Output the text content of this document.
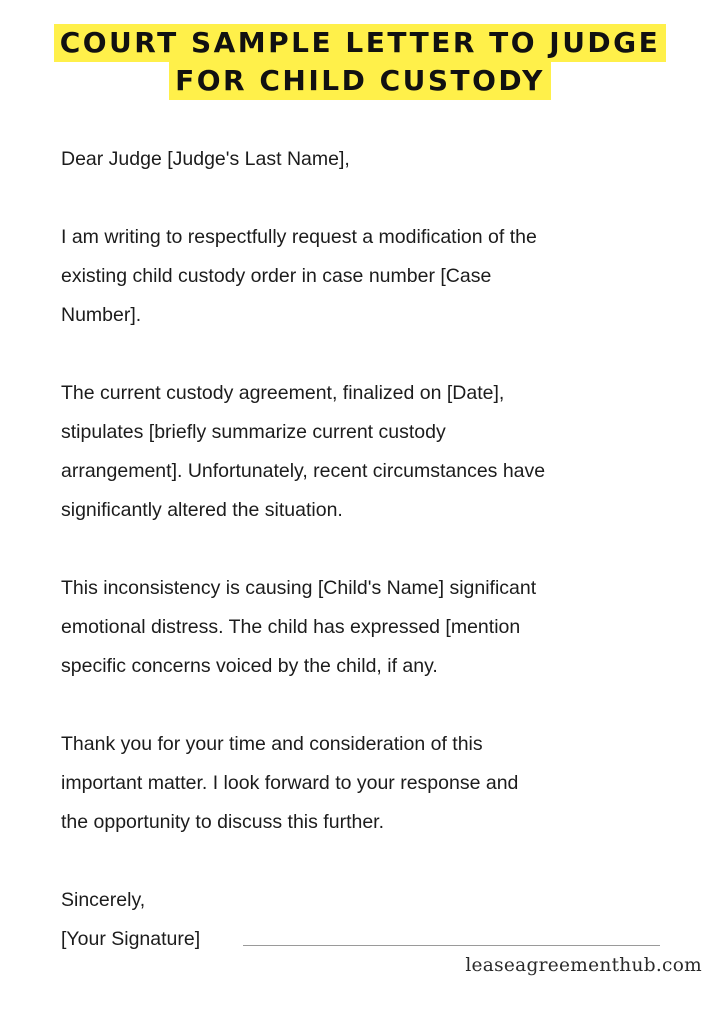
COURT SAMPLE LETTER TO JUDGE
FOR CHILD CUSTODY

Dear Judge [Judge's Last Name],

I am writing to respectfully request a modification of the
existing child custody order in case number [Case
Number].
The current custody agreement, finalized on [Date],
stipulates [briefly summarize current custody
arrangement]. Unfortunately, recent circumstances have
significantly altered the situation.
This inconsistency is causing [Child's Name] significant
emotional distress. The child has expressed [mention
specific concerns voiced by the child, if any.
Thank you for your time and consideration of this
important matter. I look forward to your response and
the opportunity to discuss this further.

Sincerely,

[Your Signature]

leaseagreementhub.com
